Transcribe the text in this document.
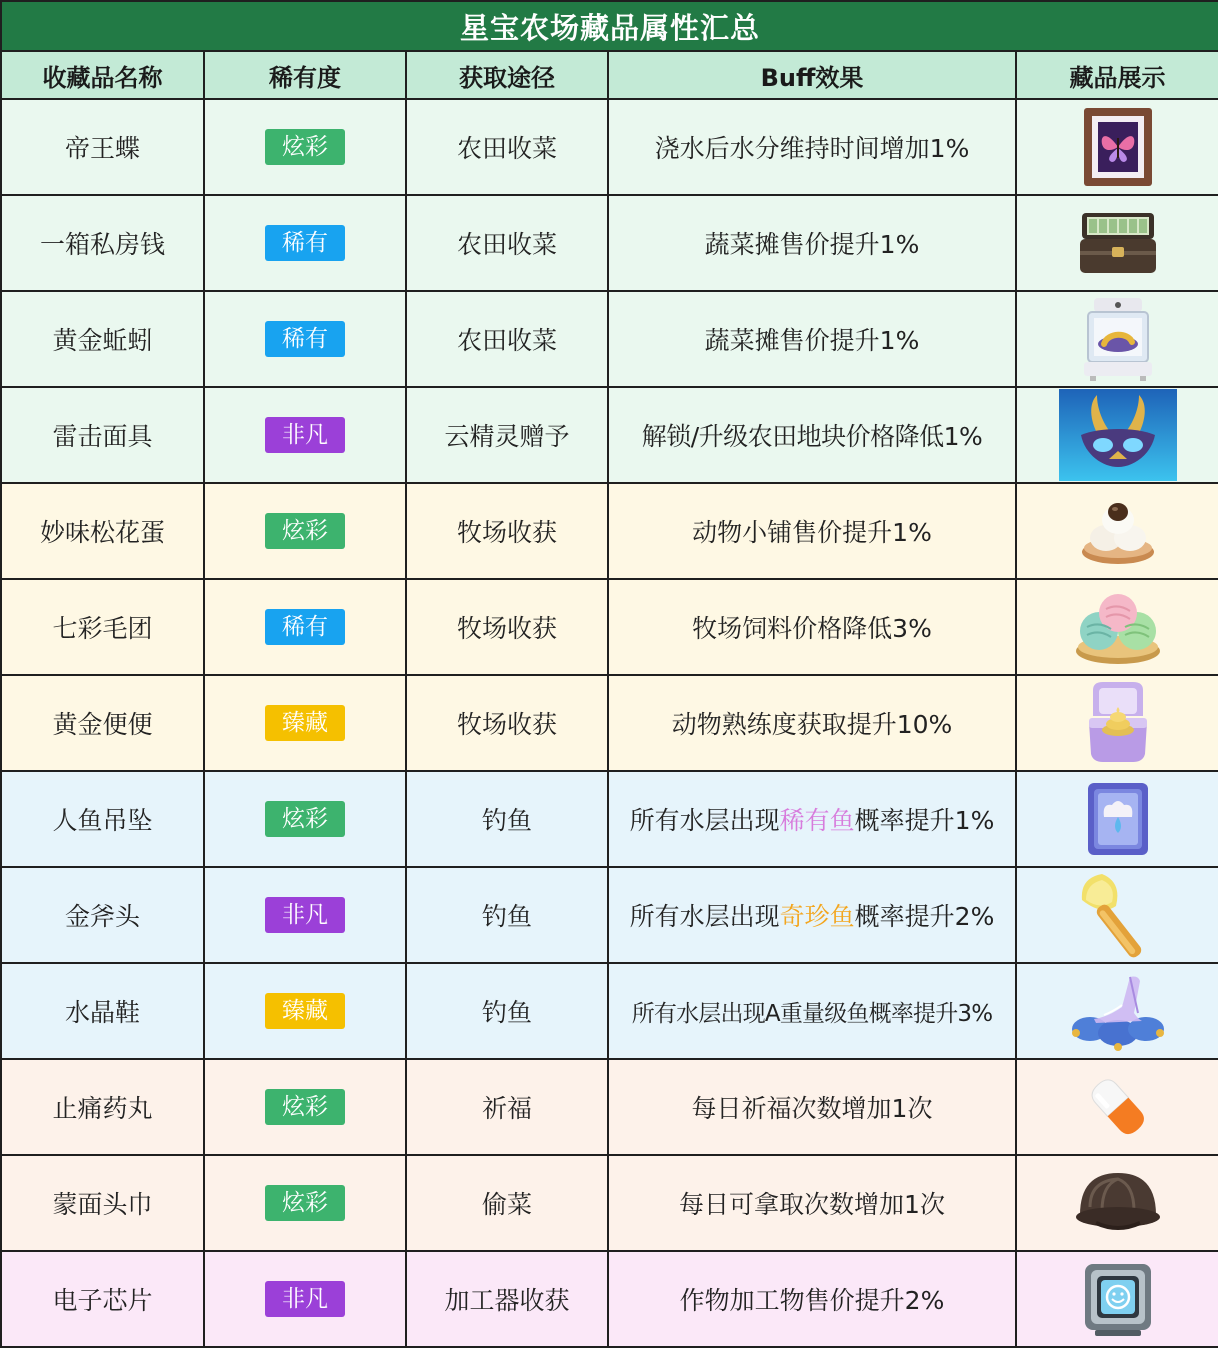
星宝农场藏品属性汇总				
收藏品名称	稀有度	获取途径	Buff效果	藏品展示
帝王蝶	炫彩	农田收菜	浇水后水分维持时间增加1%	

一箱私房钱	稀有	农田收菜	蔬菜摊售价提升1%	

黄金蚯蚓	稀有	农田收菜	蔬菜摊售价提升1%	

雷击面具	非凡	云精灵赠予	解锁/升级农田地块价格降低1%	

妙味松花蛋	炫彩	牧场收获	动物小铺售价提升1%	

七彩毛团	稀有	牧场收获	牧场饲料价格降低3%	

黄金便便	臻藏	牧场收获	动物熟练度获取提升10%	

人鱼吊坠	炫彩	钓鱼	所有水层出现稀有鱼概率提升1%	

金斧头	非凡	钓鱼	所有水层出现奇珍鱼概率提升2%	

水晶鞋	臻藏	钓鱼	所有水层出现A重量级鱼概率提升3%	

止痛药丸	炫彩	祈福	每日祈福次数增加1次	

蒙面头巾	炫彩	偷菜	每日可拿取次数增加1次	

电子芯片	非凡	加工器收获	作物加工物售价提升2%	
